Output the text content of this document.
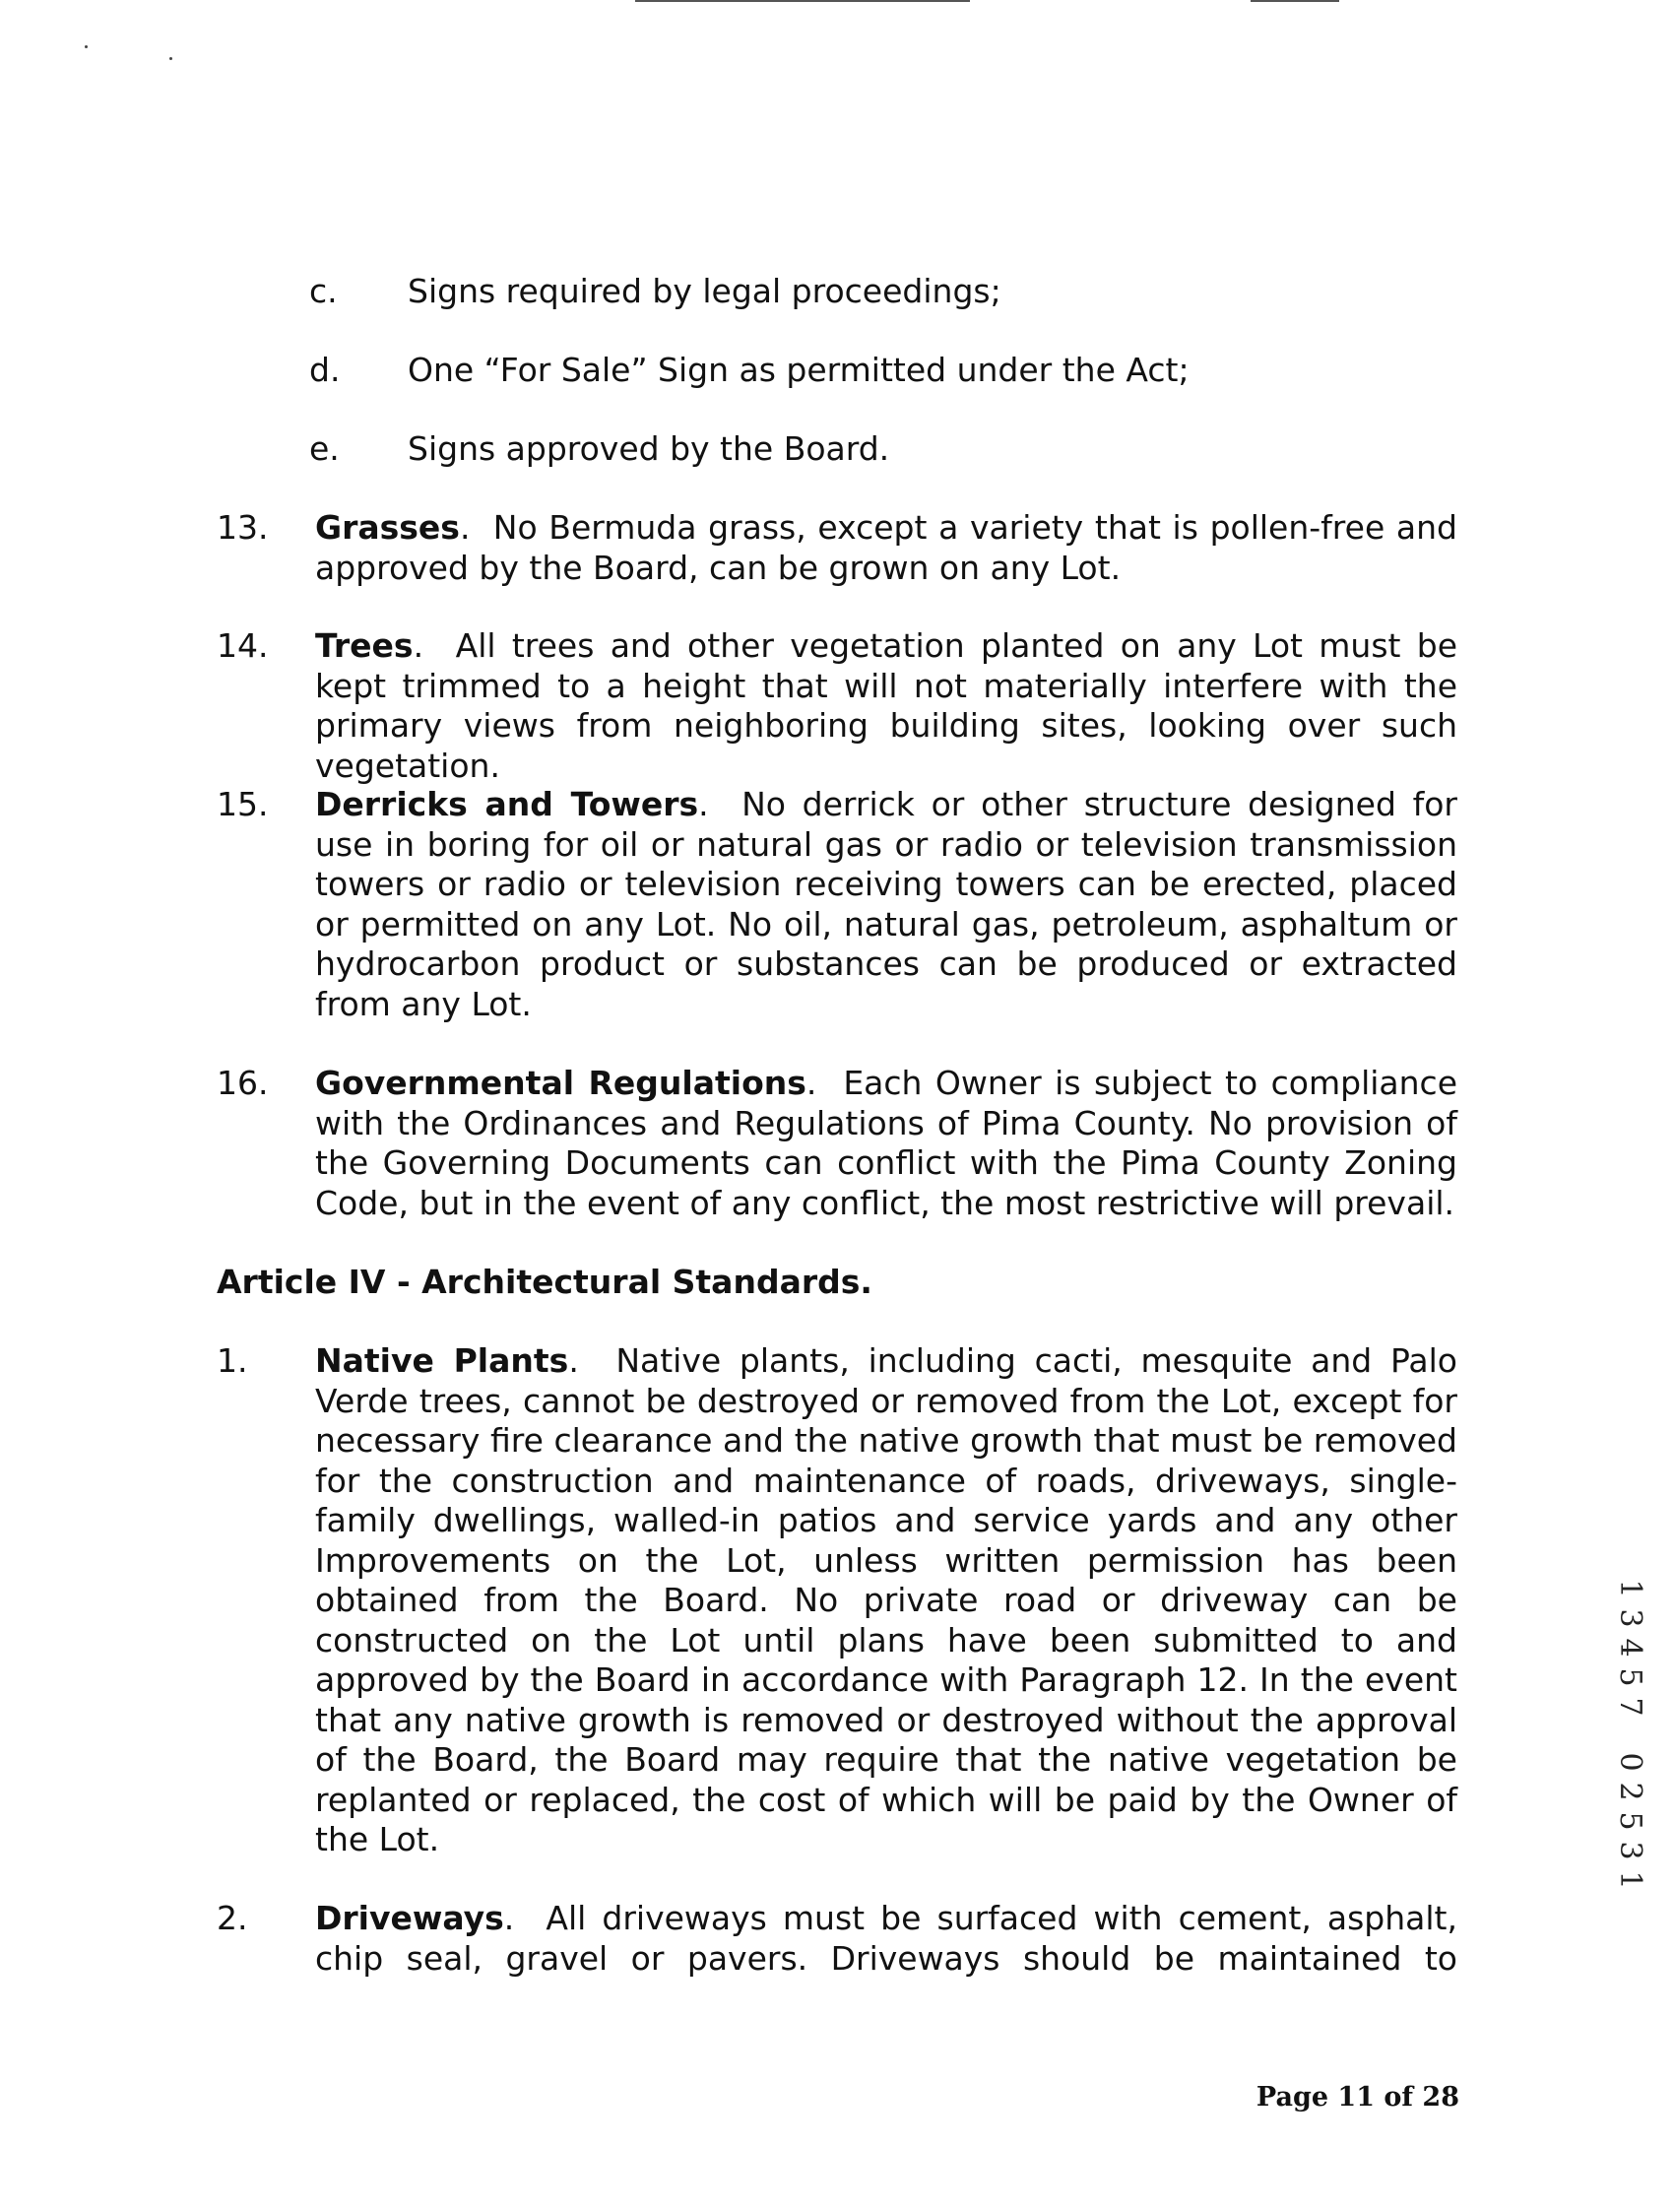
c. Signs required by legal proceedings;
d. One “For Sale” Sign as permitted under the Act;
e. Signs approved by the Board.
13. Grasses.  No Bermuda grass, except a variety that is pollen-free and approved by the Board, can be grown on any Lot.
14. Trees.  All trees and other vegetation planted on any Lot must be kept trimmed to a height that will not materially interfere with the primary views from neighboring building sites, looking over such vegetation.
15. Derricks and Towers.  No derrick or other structure designed for use in boring for oil or natural gas or radio or television transmission towers or radio or television receiving towers can be erected, placed or permitted on any Lot. No oil, natural gas, petroleum, asphaltum or hydrocarbon product or substances can be produced or extracted from any Lot.
16. Governmental Regulations.  Each Owner is subject to compliance with the Ordinances and Regulations of Pima County. No provision of the Governing Documents can conflict with the Pima County Zoning Code, but in the event of any conflict, the most restrictive will prevail.
Article IV - Architectural Standards.
1. Native Plants.  Native plants, including cacti, mesquite and Palo Verde trees, cannot be destroyed or removed from the Lot, except for necessary fire clearance and the native growth that must be removed for the construction and maintenance of roads, driveways, single-family dwellings, walled-in patios and service yards and any other Improvements on the Lot, unless written permission has been obtained from the Board. No private road or driveway can be constructed on the Lot until plans have been submitted to and approved by the Board in accordance with Paragraph 12. In the event that any native growth is removed or destroyed without the approval of the Board, the Board may require that the native vegetation be replanted or replaced, the cost of which will be paid by the Owner of the Lot.
2. Driveways.  All driveways must be surfaced with cement, asphalt, chip seal, gravel or pavers. Driveways should be maintained to
Page 11 of 28
1
3
4
5
7
0
2
5
3
1
